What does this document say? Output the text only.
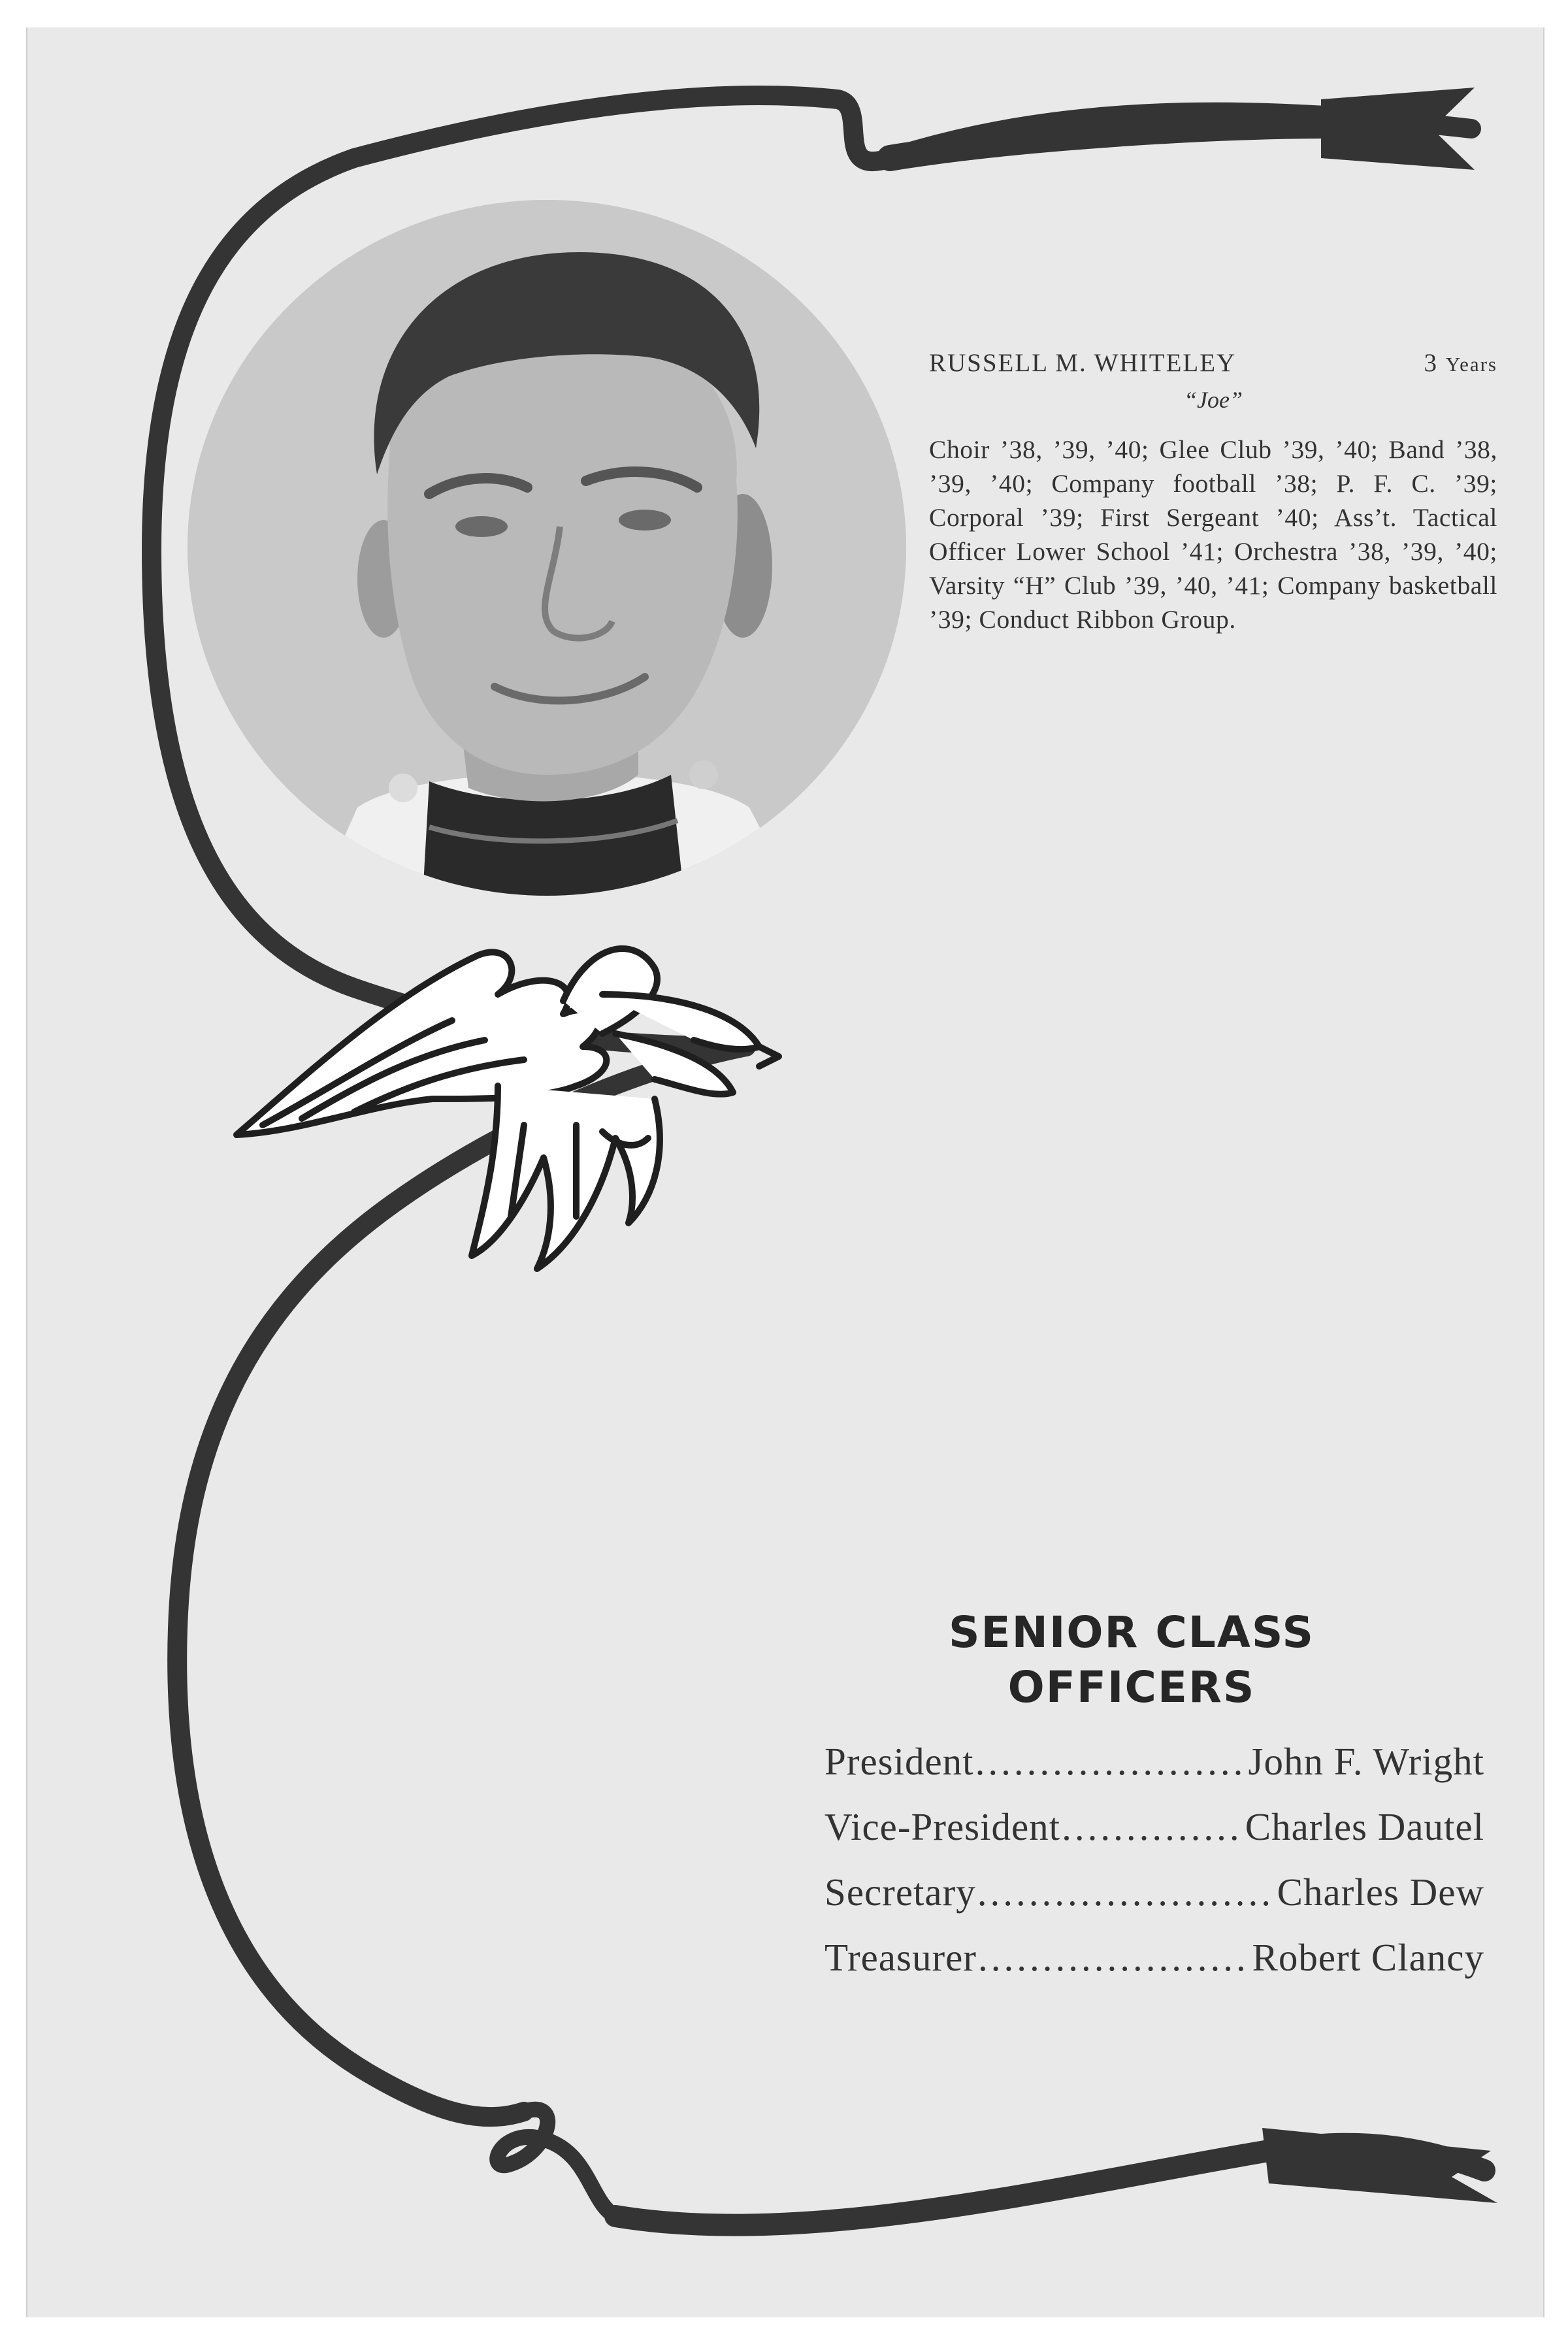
RUSSELL M. WHITELEY	3 Years
“Joe”
Choir ’38, ’39, ’40; Glee Club ’39, ’40; Band ’38, ’39, ’40; Company football ’38; P. F. C. ’39; Corporal ’39; First Sergeant ’40; Ass’t. Tactical Officer Lower School ’41; Orchestra ’38, ’39, ’40; Varsity “H” Club ’39, ’40, ’41; Company basketball ’39; Conduct Ribbon Group.
SENIOR CLASS
OFFICERS
President .....	John F. Wright
Vice-President .....	Charles Dautel
Secretary .....	Charles Dew
Treasurer .....	Robert Clancy
